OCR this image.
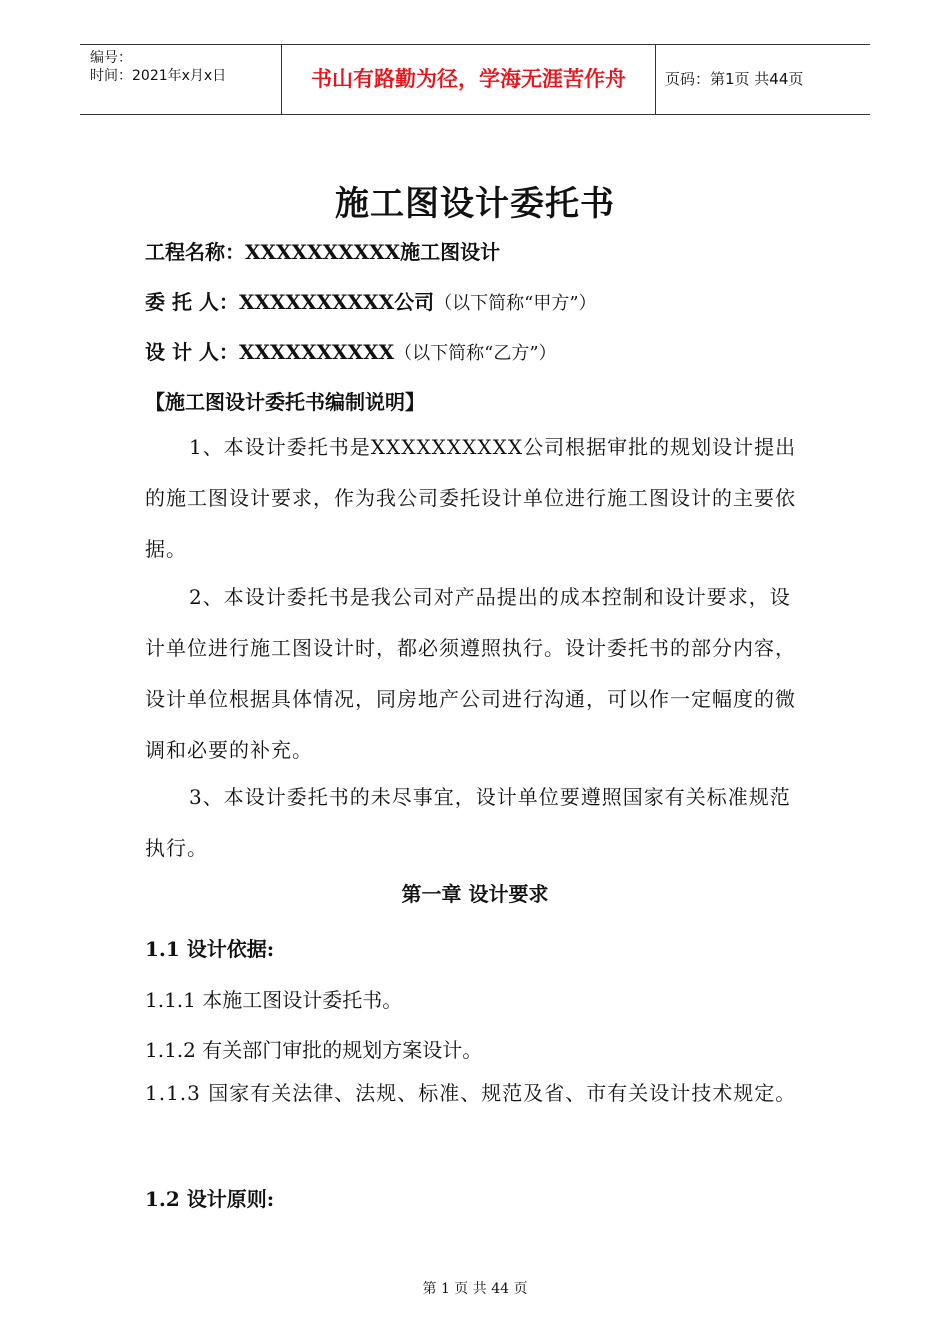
编号：
时间：2021年x月x日	书山有路勤为径，学海无涯苦作舟	页码：第1页 共44页
施工图设计委托书
工程名称：XXXXXXXXXX施工图设计
委 托 人：XXXXXXXXXX公司（以下简称“甲方”）
设 计 人：XXXXXXXXXX（以下简称“乙方”）
【施工图设计委托书编制说明】
1、本设计委托书是XXXXXXXXXX公司根据审批的规划设计提出的施工图设计要求，作为我公司委托设计单位进行施工图设计的主要依据。
2、本设计委托书是我公司对产品提出的成本控制和设计要求，设计单位进行施工图设计时，都必须遵照执行。设计委托书的部分内容，设计单位根据具体情况，同房地产公司进行沟通，可以作一定幅度的微调和必要的补充。
3、本设计委托书的未尽事宜，设计单位要遵照国家有关标准规范执行。
第一章 设计要求
1.1 设计依据:
1.1.1 本施工图设计委托书。
1.1.2 有关部门审批的规划方案设计。
1.1.3 国家有关法律、法规、标准、规范及省、市有关设计技术规定。
1.2 设计原则:
第 1 页 共 44 页
